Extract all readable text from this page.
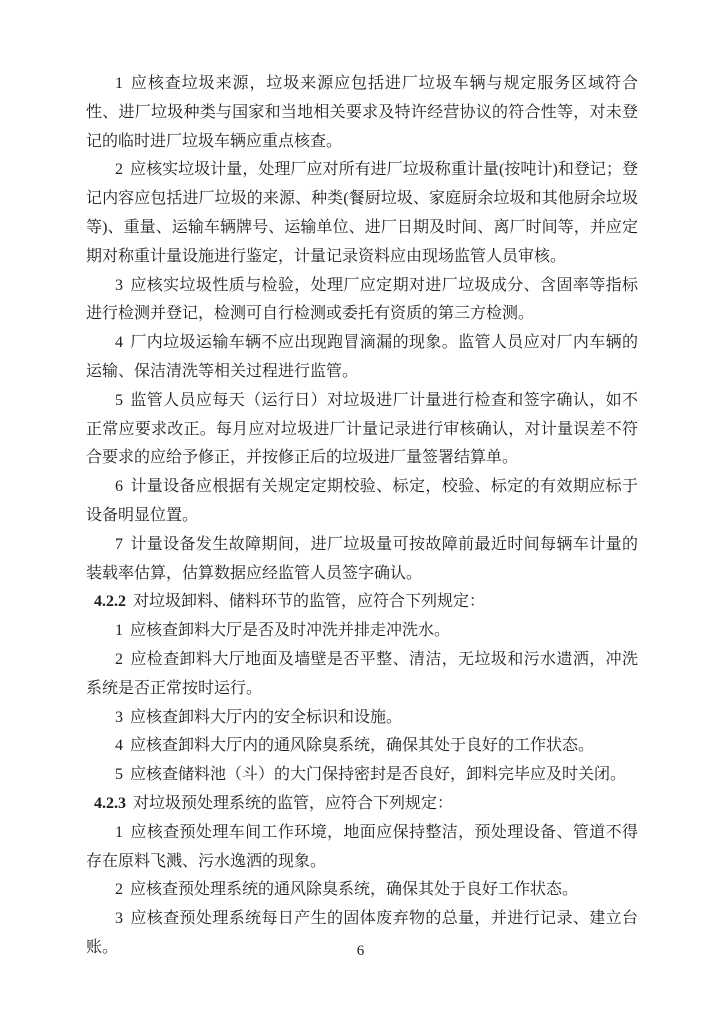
1 应核查垃圾来源，垃圾来源应包括进厂垃圾车辆与规定服务区域符合性、进厂垃圾种类与国家和当地相关要求及特许经营协议的符合性等，对未登记的临时进厂垃圾车辆应重点核查。

2 应核实垃圾计量，处理厂应对所有进厂垃圾称重计量(按吨计)和登记；登记内容应包括进厂垃圾的来源、种类(餐厨垃圾、家庭厨余垃圾和其他厨余垃圾等)、重量、运输车辆牌号、运输单位、进厂日期及时间、离厂时间等，并应定期对称重计量设施进行鉴定，计量记录资料应由现场监管人员审核。

3 应核实垃圾性质与检验，处理厂应定期对进厂垃圾成分、含固率等指标进行检测并登记，检测可自行检测或委托有资质的第三方检测。

4 厂内垃圾运输车辆不应出现跑冒滴漏的现象。监管人员应对厂内车辆的运输、保洁清洗等相关过程进行监管。

5 监管人员应每天（运行日）对垃圾进厂计量进行检查和签字确认，如不正常应要求改正。每月应对垃圾进厂计量记录进行审核确认，对计量误差不符合要求的应给予修正，并按修正后的垃圾进厂量签署结算单。

6 计量设备应根据有关规定定期校验、标定，校验、标定的有效期应标于设备明显位置。

7 计量设备发生故障期间，进厂垃圾量可按故障前最近时间每辆车计量的装载率估算，估算数据应经监管人员签字确认。

4.2.2 对垃圾卸料、储料环节的监管，应符合下列规定：

1 应核查卸料大厅是否及时冲洗并排走冲洗水。

2 应检查卸料大厅地面及墙壁是否平整、清洁，无垃圾和污水遗洒，冲洗系统是否正常按时运行。

3 应核查卸料大厅内的安全标识和设施。

4 应核查卸料大厅内的通风除臭系统，确保其处于良好的工作状态。

5 应核查储料池（斗）的大门保持密封是否良好，卸料完毕应及时关闭。

4.2.3 对垃圾预处理系统的监管，应符合下列规定：

1 应核查预处理车间工作环境，地面应保持整洁，预处理设备、管道不得存在原料飞溅、污水逸洒的现象。

2 应核查预处理系统的通风除臭系统，确保其处于良好工作状态。

3 应核查预处理系统每日产生的固体废弃物的总量，并进行记录、建立台账。	6
